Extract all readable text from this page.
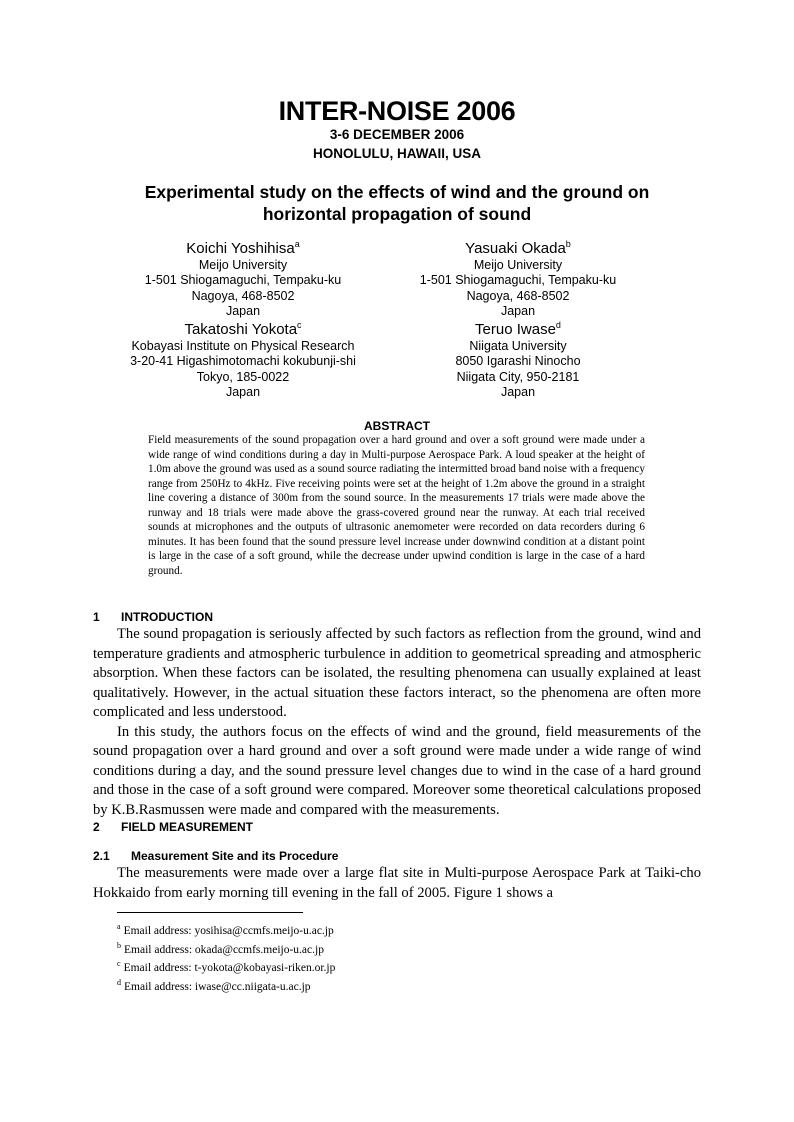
INTER-NOISE 2006
3-6 DECEMBER 2006
HONOLULU, HAWAII, USA
Experimental study on the effects of wind and the ground on
horizontal propagation of sound
Koichi Yoshihisa$^a$
Meijo University
1-501 Shiogamaguchi, Tempaku-ku
Nagoya, 468-8502
Japan
Yasuaki Okada$^b$
Meijo University
1-501 Shiogamaguchi, Tempaku-ku
Nagoya, 468-8502
Japan
Takatoshi Yokota$^c$
Kobayasi Institute on Physical Research
3-20-41 Higashimotomachi kokubunji-shi
Tokyo, 185-0022
Japan
Teruo Iwase$^d$
Niigata University
8050 Igarashi Ninocho
Niigata City, 950-2181
Japan
ABSTRACT
Field measurements of the sound propagation over a hard ground and over a soft ground were made under a wide range of wind conditions during a day in Multi-purpose Aerospace Park. A loud speaker at the height of 1.0m above the ground was used as a sound source radiating the intermitted broad band noise with a frequency range from 250Hz to 4kHz. Five receiving points were set at the height of 1.2m above the ground in a straight line covering a distance of 300m from the sound source. In the measurements 17 trials were made above the runway and 18 trials were made above the grass-covered ground near the runway. At each trial received sounds at microphones and the outputs of ultrasonic anemometer were recorded on data recorders during 6 minutes. It has been found that the sound pressure level increase under downwind condition at a distant point is large in the case of a soft ground, while the decrease under upwind condition is large in the case of a hard ground.
1 INTRODUCTION

The sound propagation is seriously affected by such factors as reflection from the ground, wind and temperature gradients and atmospheric turbulence in addition to geometrical spreading and atmospheric absorption. When these factors can be isolated, the resulting phenomena can usually explained at least qualitatively. However, in the actual situation these factors interact, so the phenomena are often more complicated and less understood.

In this study, the authors focus on the effects of wind and the ground, field measurements of the sound propagation over a hard ground and over a soft ground were made under a wide range of wind conditions during a day, and the sound pressure level changes due to wind in the case of a hard ground and those in the case of a soft ground were compared. Moreover some theoretical calculations proposed by K.B.Rasmussen were made and compared with the measurements.

2 FIELD MEASUREMENT
2.1 Measurement Site and its Procedure

The measurements were made over a large flat site in Multi-purpose Aerospace Park at Taiki-cho Hokkaido from early morning till evening in the fall of 2005. Figure 1 shows a

$^a$ Email address: yosihisa@ccmfs.meijo-u.ac.jp
$^b$ Email address: okada@ccmfs.meijo-u.ac.jp
$^c$ Email address: t-yokota@kobayasi-riken.or.jp
$^d$ Email address: iwase@cc.niigata-u.ac.jp
